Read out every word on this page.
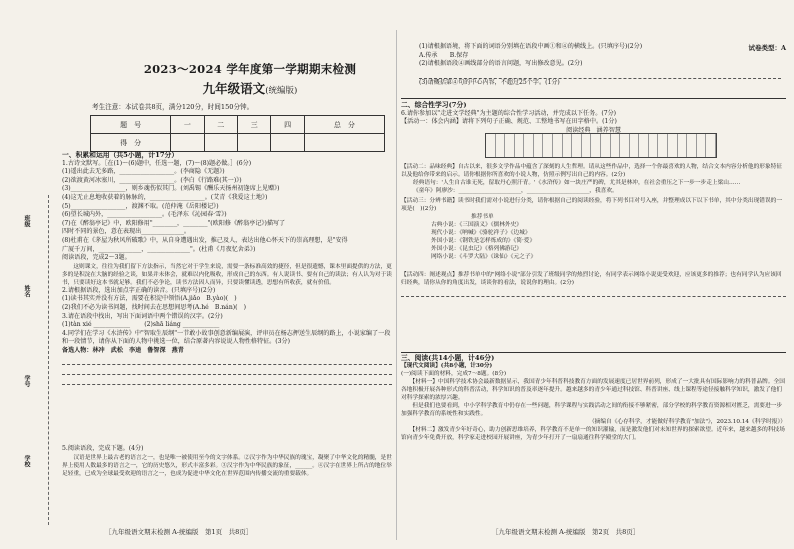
2023～2024 学年度第一学期期末检测
九年级语文(统编版)
考生注意：本试卷共8页，满分120分，时间150分钟。
题　号	一	二	三	四	总　分
得　分					
班级
姓名
学号
学校
一、积累和运用（共5小题，计17分）
1.古诗文默写。［在(1)～(6)题中，任选一题，(7)～(8)题必做。］(6分)
(1)遥出此去无多路，__________________。(李商隐《无题》)
(2)欲渡黄河冰塞川，__________________。(李白《行路难(其一)》)
(3)__________________，则乡魂伤似其门。(刘禹锡《酬乐天扬州初逢席上见赠》)
(4)这无止息地收获着的脉脉的，__________________。(艾青《我爱这土地》)
(5)__________________，渡渊不取。(范仲淹《岳阳楼记》)
(6)望长城内外，__________________。(毛泽东《沁园春·雪》)
(7)在《醉翁亭记》中，欧阳修用"________，________"(欧阳修《醉翁亭记》)描写了
四时不同的景色，意在表现出______________。
(8)杜甫在《茅屋为秋风所破歌》中，从自身遭遇出发，推己及人，表达出他心怀天下的崇高理想，是"安得
广厦千万间，______________，______________"。(杜甫《月夜忆舍弟》)
阅读语段，完成2～3题。
　　这则课文，往往为我们留下方法指示，当然它对于学生来说，需要一条标准高效的捷径，但是很遗憾，课本里面提供的方法，更多的是积淀在大脑的经验之谈，如果并未体会，就难以内化吸收，形成自己的东西。有人说读书、要有自己的读法；有人认为对于读书，只要读好这本书就足够。我们不必争论，读书方法因人而异，只要读懂读透，思想有所收获，就有价值。
2.请根据语段，选出加点字正确的读音。(只填序号)(2分)
(1)读书其实并没有方法，需要在积淀中领悟(A.jiǎo　B.yào)(　)
(2)我们不必为读书问题，找时间去在思想间思考(A.hé　B.nán)(　)
3.请在语段中找出，写出下面词语中两个错误的汉字。(2分)
(1)tàn xié ____________　　 (2)shā liáng ____________
4.同学们在学习《水浒传》中"智取生辰纲"一节敢小故事创意新编展演，评审员在杨志押送生辰纲的路上，小说家编了一段和一段情节，请你从下面的人物中挑选一位，结合原著内容说说人物性格特征。(3分)
备选人物：林冲　武松　李逵　鲁智深　燕青
5.阅读语段，完成下题。(4分)
　　汉语是世界上最古老的语言之一，也是唯一被使用至今的文字体系。②汉字作为中华民族的瑰宝，凝聚了中华文化的精髓，是世界上使用人数最多的语言之一，它的历史悠久，形式丰富多彩。③汉字作为中华民族的象征，______。④汉字在世界上所占的地位举足轻重，已成为全球最受欢迎的语言之一，也成为促进中华文化在世界范围内传播交流的重要载体。
［九年级语文期末检测 A-统编版　第1页　共8页］
试卷类型：A
(1)请根据语境，将下面的词语分别填在语段中画①和④的横线上。(只填序号)(2分)
A.传承　　B.保存
(2)请根据语段④画线部分的语言问题，写出修改意见。(2分)
(3)请概括第④句的中心内容，不超过25个字。(1分)
二、综合性学习(7分)
6.请你参加以"走进文学经典"为主题的综合性学习活动，并完成以下任务。(7分)
【活动一：体会内涵】请将下列句子正确、规范、工整地书写在田字格中。(1分)
阅读经典　涵养智慧
【活动二：品味经典】自古以来，很多文学作品中蕴含了深刻的人生哲理。请从这些作品中，选择一个你最喜欢的人物，结合文本内容分析他的形象特征以及他给你带来的启示。请你根据你所喜欢的小说人物，仿照示例写出自己的内容。(2分)
经典语句：'人生自古谁无死，留取丹心照汗青。'《水浒传》如一块庄严的碑，尤其是林冲，在社会重压之下一步一步走上梁山……
《童年》阿廖沙：______________________，______________________，我喜欢。
【活动三：分辨书籍】读书时我们需对小说进行分类，请你根据自己的阅读经验，将下列书目对号入座，并整理成以下以下书单，其中分类出现错误的一项是(　)(2分)
推荐书单
古典小说：《三国演义》《儒林外史》
现代小说：《呐喊》《骆驼祥子》《边城》
外国小说：《钢铁是怎样炼成的》《简·爱》
外国小说：《昆虫记》《格列佛游记》
网络小说：《斗罗大陆》《诛仙》《元之子》
【活动四：阐述观点】推荐书单中的"网络小说"部分引发了班级同学的热烈讨论，有同学表示网络小说更受欢迎，应该更多的推荐；也有同学认为应该回归经典，请你从你的角度出发，谈谈你的看法，说说你的理由。(2分)
三、阅读(共14小题，计46分)
【现代文阅读】(共8小题，计30分)
(一)阅读下面的材料，完成7～8题。(8分)
　　【材料一】中国科学技术协会最新数据显示，我国青少年科普科技教育方面的发展速度已居世界前列，形成了一大批具有国际影响力的科普品牌。全国各地积极开展各种形式的科普活动，科学知识的普及率逐年提升。越来越多的青少年通过科技馆、科普讲座、线上课程等途径接触科学知识，激发了他们对科学探索的浓厚兴趣。
　　但是我们也要看到，中小学科学教育中仍存在一些问题，科学课程与实践活动之间的衔接不够紧密，部分学校的科学教育资源相对匮乏，需要进一步加强科学教育的系统性和实践性。
（摘编自《心存科学，才能做好科学教育"加法"》，2023.10.14《科学时报》）
　　【材料二】激发青少年好奇心，助力创新思维培养，科学教育不是单一的知识灌输，而是激发他们对未知世界的探索欲望。近年来，越来越多的科技场馆向青少年免费开放，科学家走进校园开展讲座，为青少年打开了一扇扇通往科学殿堂的大门。
［九年级语文期末检测 A-统编版　第2页　共8页］
